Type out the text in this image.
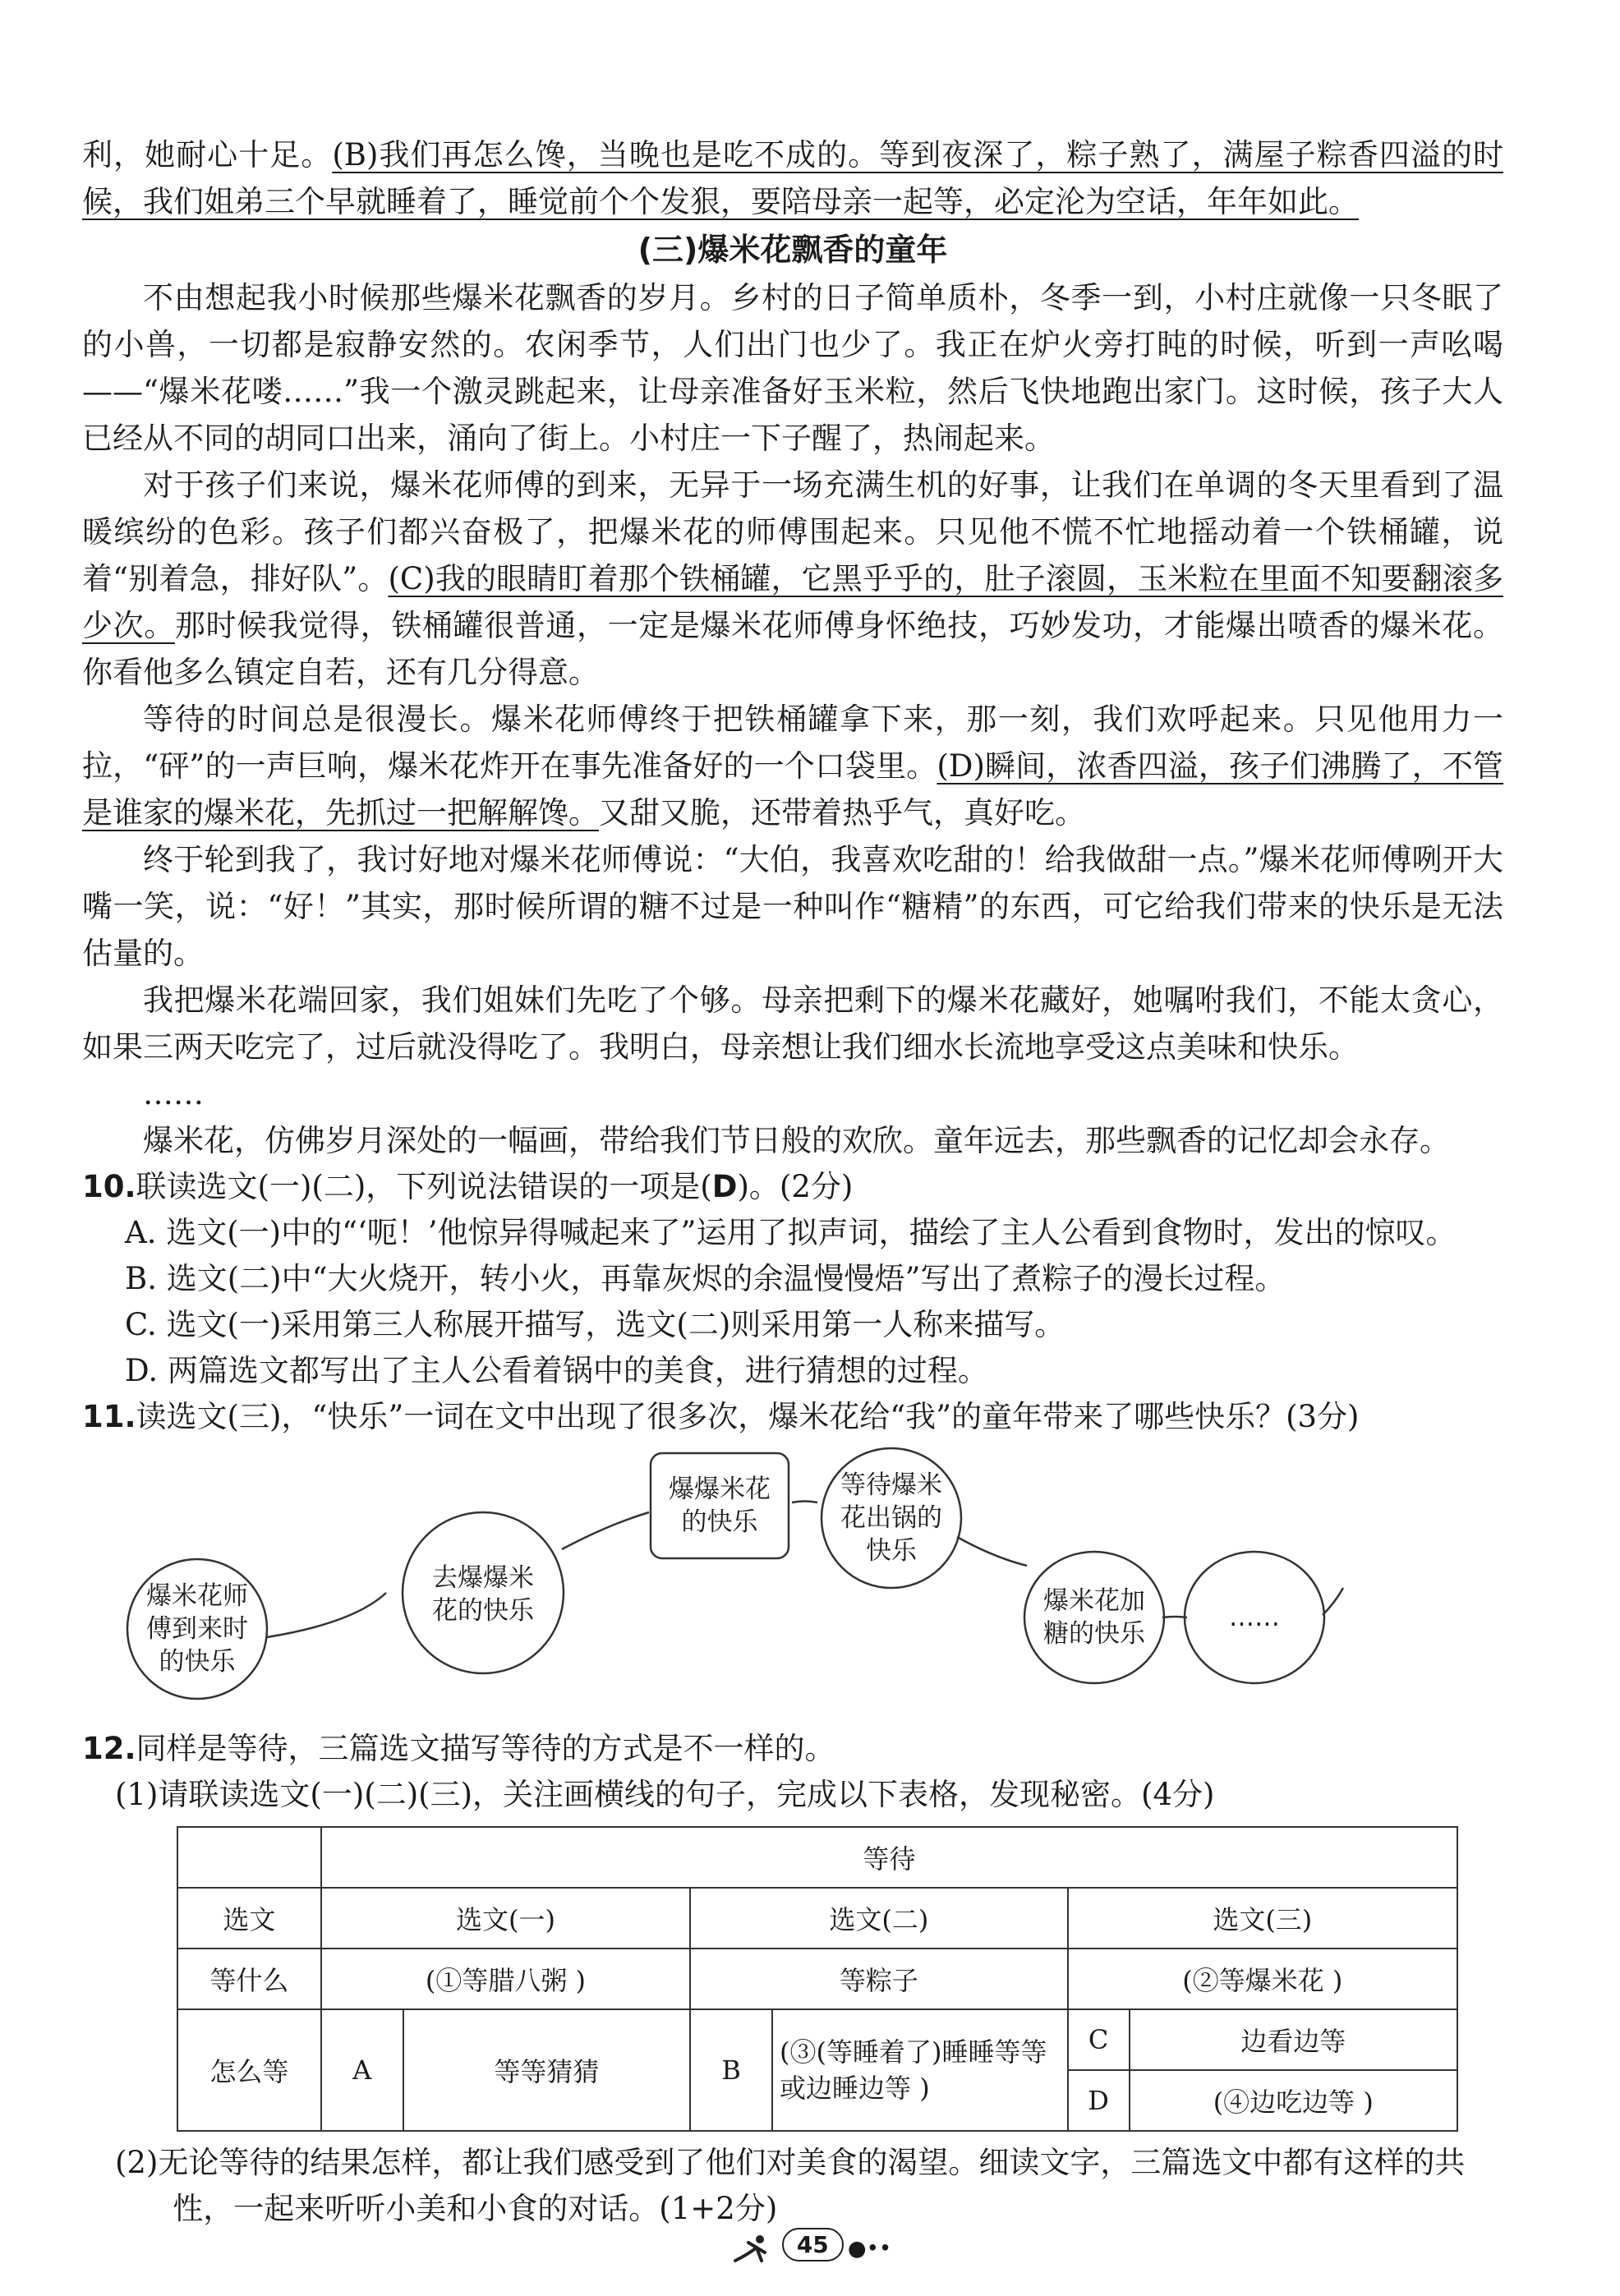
利，她耐心十足。(B)我们再怎么馋，当晚也是吃不成的。等到夜深了，粽子熟了，满屋子粽香四溢的时候，我们姐弟三个早就睡着了，睡觉前个个发狠，要陪母亲一起等，必定沦为空话，年年如此。

(三)爆米花飘香的童年

不由想起我小时候那些爆米花飘香的岁月。乡村的日子简单质朴，冬季一到，小村庄就像一只冬眠了的小兽，一切都是寂静安然的。农闲季节，人们出门也少了。我正在炉火旁打盹的时候，听到一声吆喝——“爆米花喽……”我一个激灵跳起来，让母亲准备好玉米粒，然后飞快地跑出家门。这时候，孩子大人已经从不同的胡同口出来，涌向了街上。小村庄一下子醒了，热闹起来。

对于孩子们来说，爆米花师傅的到来，无异于一场充满生机的好事，让我们在单调的冬天里看到了温暖缤纷的色彩。孩子们都兴奋极了，把爆米花的师傅围起来。只见他不慌不忙地摇动着一个铁桶罐，说着“别着急，排好队”。(C)我的眼睛盯着那个铁桶罐，它黑乎乎的，肚子滚圆，玉米粒在里面不知要翻滚多少次。那时候我觉得，铁桶罐很普通，一定是爆米花师傅身怀绝技，巧妙发功，才能爆出喷香的爆米花。你看他多么镇定自若，还有几分得意。

等待的时间总是很漫长。爆米花师傅终于把铁桶罐拿下来，那一刻，我们欢呼起来。只见他用力一拉，“砰”的一声巨响，爆米花炸开在事先准备好的一个口袋里。(D)瞬间，浓香四溢，孩子们沸腾了，不管是谁家的爆米花，先抓过一把解解馋。又甜又脆，还带着热乎气，真好吃。

终于轮到我了，我讨好地对爆米花师傅说：“大伯，我喜欢吃甜的！给我做甜一点。”爆米花师傅咧开大嘴一笑，说：“好！”其实，那时候所谓的糖不过是一种叫作“糖精”的东西，可它给我们带来的快乐是无法估量的。

我把爆米花端回家，我们姐妹们先吃了个够。母亲把剩下的爆米花藏好，她嘱咐我们，不能太贪心，如果三两天吃完了，过后就没得吃了。我明白，母亲想让我们细水长流地享受这点美味和快乐。

……

爆米花，仿佛岁月深处的一幅画，带给我们节日般的欢欣。童年远去，那些飘香的记忆却会永存。

10.联读选文(一)(二)，下列说法错误的一项是(D)。(2分)

A. 选文(一)中的“‘呃！’他惊异得喊起来了”运用了拟声词，描绘了主人公看到食物时，发出的惊叹。

B. 选文(二)中“大火烧开，转小火，再靠灰烬的余温慢慢焐”写出了煮粽子的漫长过程。

C. 选文(一)采用第三人称展开描写，选文(二)则采用第一人称来描写。

D. 两篇选文都写出了主人公看着锅中的美食，进行猜想的过程。

11.读选文(三)，“快乐”一词在文中出现了很多次，爆米花给“我”的童年带来了哪些快乐？(3分)

爆米花师傅到来时的快乐
去爆爆米花的快乐
爆爆米花的快乐
等待爆米花出锅的快乐
爆米花加糖的快乐
……

12.同样是等待，三篇选文描写等待的方式是不一样的。

(1)请联读选文(一)(二)(三)，关注画横线的句子，完成以下表格，发现秘密。(4分)

	等待					
选文	选文(一)		选文(二)		选文(三)	
等什么	(①等腊八粥 )		等粽子		(②等爆米花 )	
怎么等	A	等等猜猜	B	(③(等睡着了)睡睡等等或边睡边等 )	C	边看边等
					D	(④边吃边等 )

(2)无论等待的结果怎样，都让我们感受到了他们对美食的渴望。细读文字，三篇选文中都有这样的共性，一起来听听小美和小食的对话。(1+2分)

45 ●••
